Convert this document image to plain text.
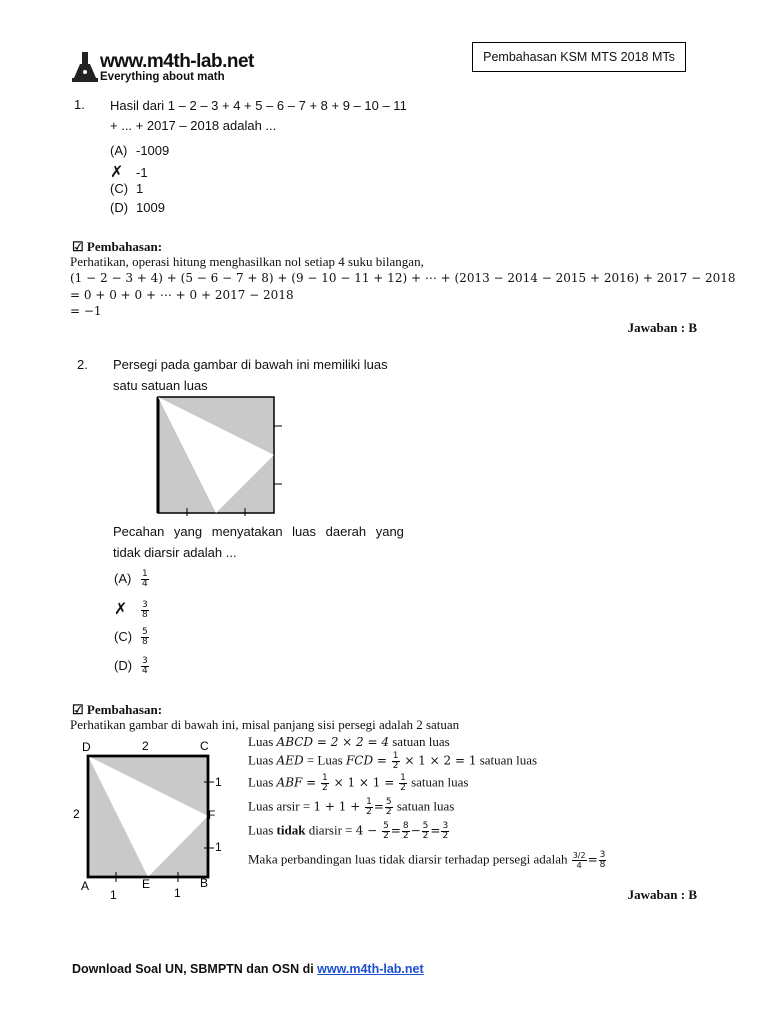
www.m4th-lab.net
Everything about math
Pembahasan KSM MTS 2018 MTs
1. Hasil dari 1 – 2 – 3 + 4 + 5 – 6 – 7 + 8 + 9 – 10 – 11
+ ... + 2017 – 2018 adalah ...
(A) -1009
✗ -1
(C) 1
(D) 1009
☑ Pembahasan:
Perhatikan, operasi hitung menghasilkan nol setiap 4 suku bilangan,
(1 − 2 − 3 + 4) + (5 − 6 − 7 + 8) + (9 − 10 − 11 + 12) + ⋯ + (2013 − 2014 − 2015 + 2016) + 2017 − 2018
= 0 + 0 + 0 + ⋯ + 0 + 2017 − 2018
= −1
Jawaban : B
2. Persegi pada gambar di bawah ini memiliki luas
satu satuan luas
Pecahan yang menyatakan luas daerah yang
tidak diarsir adalah ...
$(A) \frac{1}{4}$
✗ $\frac{3}{8}$
$(C) \frac{5}{8}$
$(D) \frac{3}{4}$
☑ Pembahasan:
Perhatikan gambar di bawah ini, misal panjang sisi persegi adalah 2 satuan
D	2	C
2
1
F
1
A	E	B
1	1
Luas ABCD = 2 × 2 = 4 satuan luas
Luas AED = Luas FCD = $\frac{1}{2} \times 1 \times 2 = 1$ satuan luas
Luas ABF = $\frac{1}{2} \times 1 \times 1 = \frac{1}{2}$ satuan luas
Luas arsir = $1 + 1 + \frac{1}{2} = \frac{5}{2}$ satuan luas
Luas tidak diarsir = $4 - \frac{5}{2} = \frac{8}{2} - \frac{5}{2} = \frac{3}{2}$
Maka perbandingan luas tidak diarsir terhadap persegi adalah $\frac{3/2}{4} = \frac{3}{8}$
Jawaban : B
Download Soal UN, SBMPTN dan OSN di www.m4th-lab.net
